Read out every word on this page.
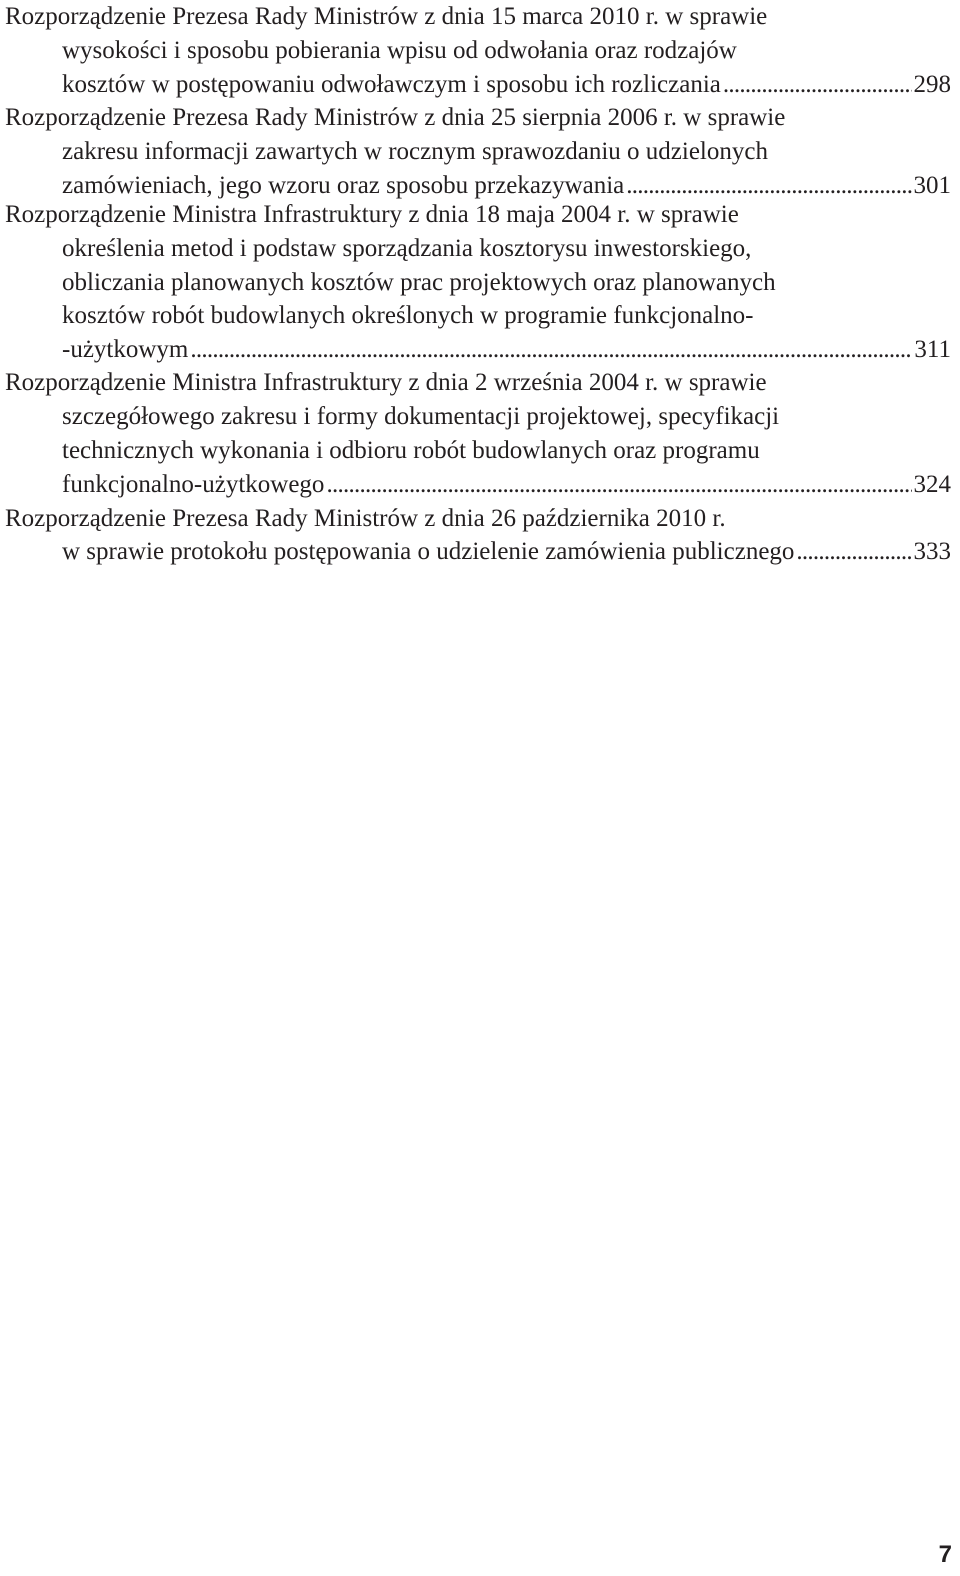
Rozporządzenie Prezesa Rady Ministrów z dnia 15 marca 2010 r. w sprawie
wysokości i sposobu pobierania wpisu od odwołania oraz rodzajów
kosztów w postępowaniu odwoławczym i sposobu ich rozliczania . . .	298
Rozporządzenie Prezesa Rady Ministrów z dnia 25 sierpnia 2006 r. w sprawie
zakresu informacji zawartych w rocznym sprawozdaniu o udzielonych
zamówieniach, jego wzoru oraz sposobu przekazywania . . .	301
Rozporządzenie Ministra Infrastruktury z dnia 18 maja 2004 r. w sprawie
określenia metod i podstaw sporządzania kosztorysu inwestorskiego,
obliczania planowanych kosztów prac projektowych oraz planowanych
kosztów robót budowlanych określonych w programie funkcjonalno-
-użytkowym . . .	311
Rozporządzenie Ministra Infrastruktury z dnia 2 września 2004 r. w sprawie
szczegółowego zakresu i formy dokumentacji projektowej, specyfikacji
technicznych wykonania i odbioru robót budowlanych oraz programu
funkcjonalno-użytkowego . . .	324
Rozporządzenie Prezesa Rady Ministrów z dnia 26 października 2010 r.
w sprawie protokołu postępowania o udzielenie zamówienia publicznego . . .	333
7
